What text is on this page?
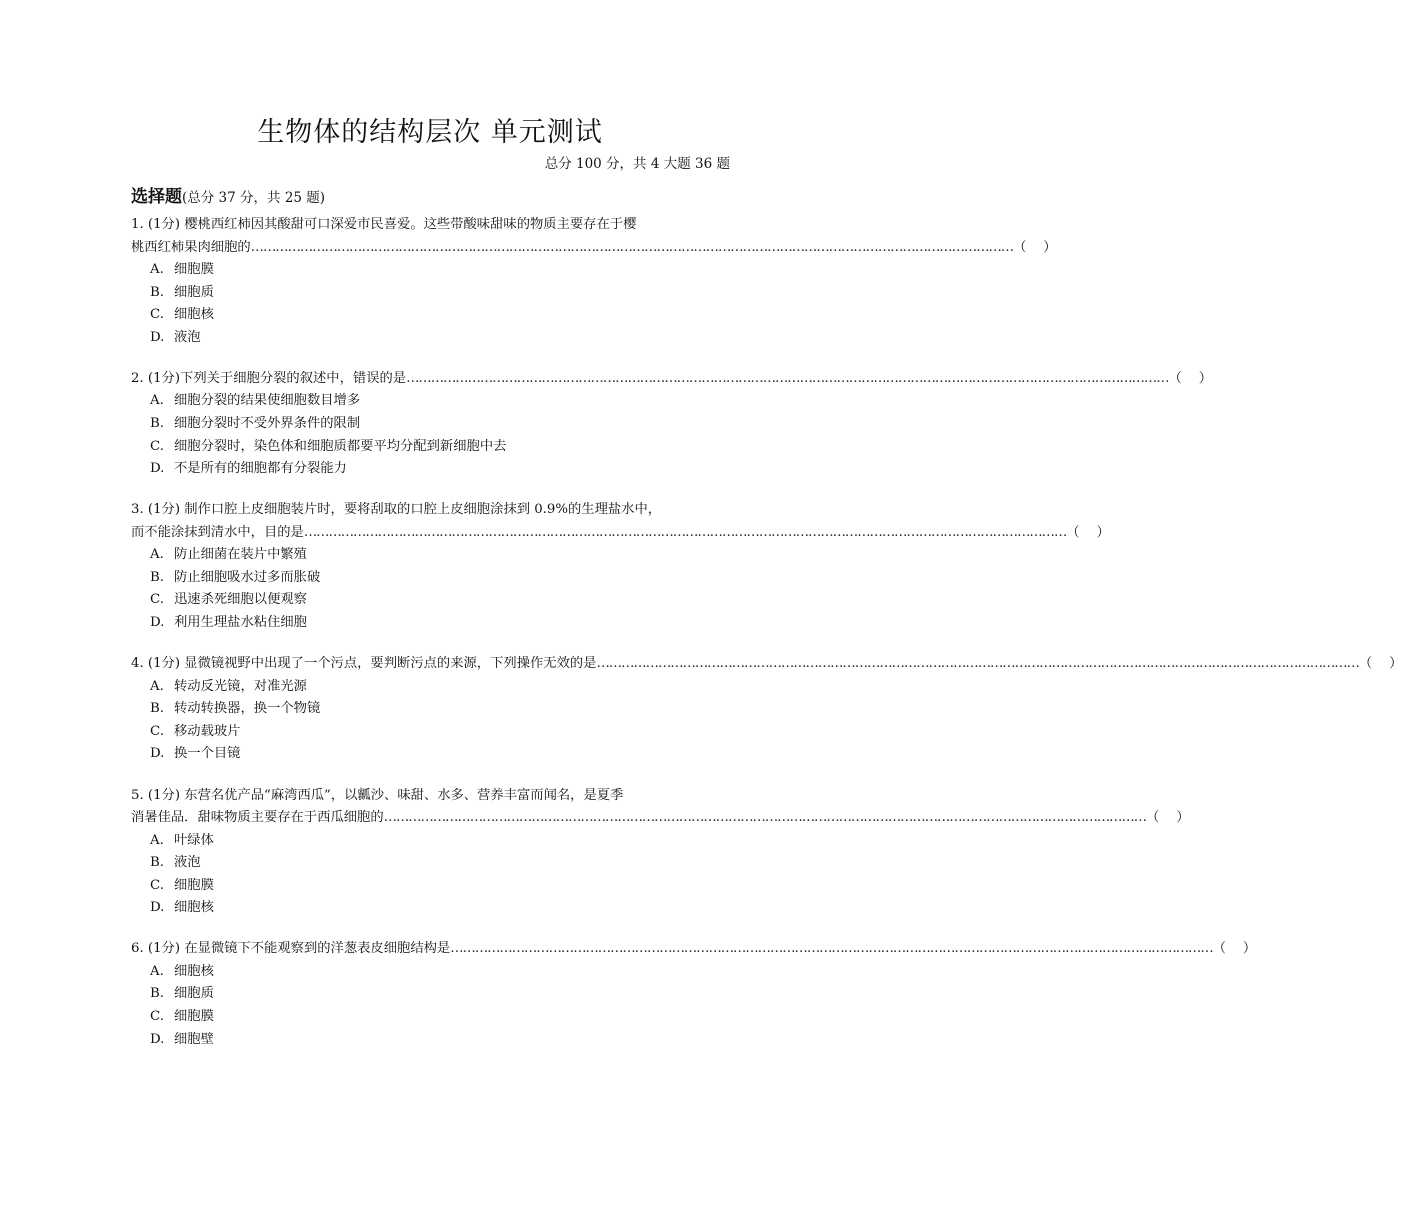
生物体的结构层次 单元测试
总分 100 分，共 4 大题 36 题
选择题(总分 37 分，共 25 题)
1. (1分) 樱桃西红柿因其酸甜可口深爱市民喜爱。这些带酸味甜味的物质主要存在于樱
桃西红柿果肉细胞的 …………………………………………………………………………………………………………………………………………………………………… （    ）
A. 细胞膜
B. 细胞质
C. 细胞核
D. 液泡
2. (1分)下列关于细胞分裂的叙述中，错误的是 …………………………………………………………………………………………………………………………………………………………………… （    ）
A. 细胞分裂的结果使细胞数目增多
B. 细胞分裂时不受外界条件的限制
C. 细胞分裂时，染色体和细胞质都要平均分配到新细胞中去
D. 不是所有的细胞都有分裂能力
3. (1分) 制作口腔上皮细胞装片时，要将刮取的口腔上皮细胞涂抹到 0.9%的生理盐水中，
而不能涂抹到清水中，目的是 …………………………………………………………………………………………………………………………………………………………………… （    ）
A. 防止细菌在装片中繁殖
B. 防止细胞吸水过多而胀破
C. 迅速杀死细胞以便观察
D. 利用生理盐水粘住细胞
4. (1分) 显微镜视野中出现了一个污点，要判断污点的来源，下列操作无效的是 …………………………………………………………………………………………………………………………………………………………………… （    ）
A. 转动反光镜，对准光源
B. 转动转换器，换一个物镜
C. 移动载玻片
D. 换一个目镜
5. (1分) 东营名优产品“麻湾西瓜”，以瓤沙、味甜、水多、营养丰富而闻名，是夏季
消暑佳品．甜味物质主要存在于西瓜细胞的 …………………………………………………………………………………………………………………………………………………………………… （    ）
A. 叶绿体
B. 液泡
C. 细胞膜
D. 细胞核
6. (1分) 在显微镜下不能观察到的洋葱表皮细胞结构是 …………………………………………………………………………………………………………………………………………………………………… （    ）
A. 细胞核
B. 细胞质
C. 细胞膜
D. 细胞壁
